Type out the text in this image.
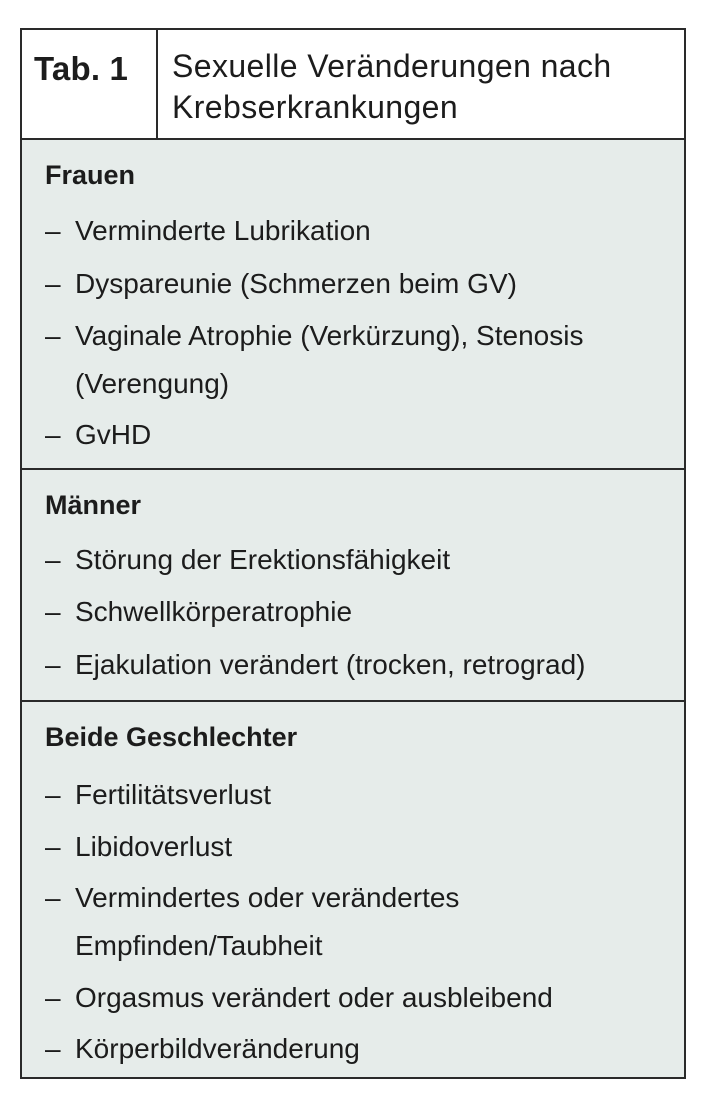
Tab. 1 Sexuelle Veränderungen nach
Krebserkrankungen
Frauen
– Verminderte Lubrikation
– Dyspareunie (Schmerzen beim GV)
– Vaginale Atrophie (Verkürzung), Stenosis
(Verengung)
– GvHD
Männer
– Störung der Erektionsfähigkeit
– Schwellkörperatrophie
– Ejakulation verändert (trocken, retrograd)
Beide Geschlechter
– Fertilitätsverlust
– Libidoverlust
– Vermindertes oder verändertes
Empfinden/Taubheit
– Orgasmus verändert oder ausbleibend
– Körperbildveränderung
